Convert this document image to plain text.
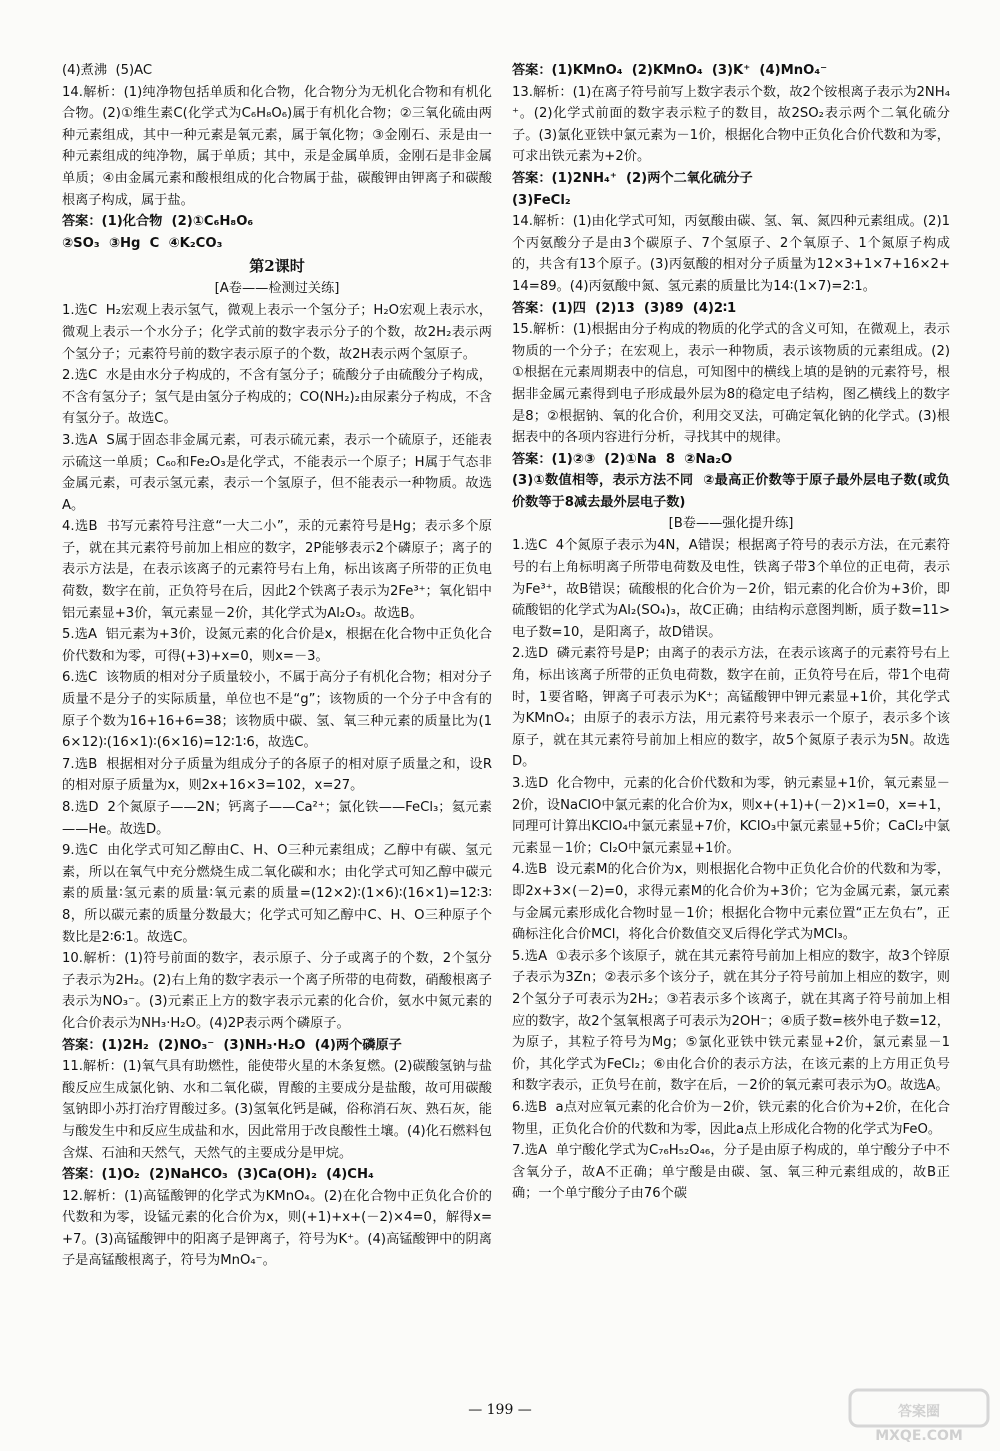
(4)煮沸  (5)AC
14.解析：(1)纯净物包括单质和化合物，化合物分为无机化合物和有机化合物。(2)①维生素C(化学式为C₆H₈O₆)属于有机化合物；②三氧化硫由两种元素组成，其中一种元素是氧元素，属于氧化物；③金刚石、汞是由一种元素组成的纯净物，属于单质；其中，汞是金属单质，金刚石是非金属单质；④由金属元素和酸根组成的化合物属于盐，碳酸钾由钾离子和碳酸根离子构成，属于盐。
答案：(1)化合物  (2)①C₆H₈O₆
②SO₃  ③Hg  C  ④K₂CO₃
第2课时
[A卷——检测过关练]
1.选C  H₂宏观上表示氢气，微观上表示一个氢分子；H₂O宏观上表示水，微观上表示一个水分子；化学式前的数字表示分子的个数，故2H₂表示两个氢分子；元素符号前的数字表示原子的个数，故2H表示两个氢原子。
2.选C  水是由水分子构成的，不含有氢分子；硫酸分子由硫酸分子构成，不含有氢分子；氢气是由氢分子构成的；CO(NH₂)₂由尿素分子构成，不含有氢分子。故选C。
3.选A  S属于固态非金属元素，可表示硫元素，表示一个硫原子，还能表示硫这一单质；C₆₀和Fe₂O₃是化学式，不能表示一个原子；H属于气态非金属元素，可表示氢元素，表示一个氢原子，但不能表示一种物质。故选A。
4.选B  书写元素符号注意“一大二小”，汞的元素符号是Hg；表示多个原子，就在其元素符号前加上相应的数字，2P能够表示2个磷原子；离子的表示方法是，在表示该离子的元素符号右上角，标出该离子所带的正负电荷数，数字在前，正负符号在后，因此2个铁离子表示为2Fe³⁺；氧化铝中铝元素显+3价，氧元素显－2价，其化学式为Al₂O₃。故选B。
5.选A  铝元素为+3价，设氮元素的化合价是x，根据在化合物中正负化合价代数和为零，可得(+3)+x=0，则x=－3。
6.选C  该物质的相对分子质量较小，不属于高分子有机化合物；相对分子质量不是分子的实际质量，单位也不是“g”；该物质的一个分子中含有的原子个数为16+16+6=38；该物质中碳、氢、氧三种元素的质量比为(16×12)∶(16×1)∶(6×16)=12∶1∶6，故选C。
7.选B  根据相对分子质量为组成分子的各原子的相对原子质量之和，设R的相对原子质量为x，则2x+16×3=102，x=27。
8.选D  2个氮原子——2N；钙离子——Ca²⁺；氯化铁——FeCl₃；氦元素——He。故选D。
9.选C  由化学式可知乙醇由C、H、O三种元素组成；乙醇中有碳、氢元素，所以在氧气中充分燃烧生成二氧化碳和水；由化学式可知乙醇中碳元素的质量∶氢元素的质量∶氧元素的质量=(12×2)∶(1×6)∶(16×1)=12∶3∶8，所以碳元素的质量分数最大；化学式可知乙醇中C、H、O三种原子个数比是2∶6∶1。故选C。
10.解析：(1)符号前面的数字，表示原子、分子或离子的个数，2个氢分子表示为2H₂。(2)右上角的数字表示一个离子所带的电荷数，硝酸根离子表示为NO₃⁻。(3)元素正上方的数字表示元素的化合价，氨水中氮元素的化合价表示为NH₃·H₂O。(4)2P表示两个磷原子。
答案：(1)2H₂  (2)NO₃⁻  (3)NH₃·H₂O  (4)两个磷原子
11.解析：(1)氧气具有助燃性，能使带火星的木条复燃。(2)碳酸氢钠与盐酸反应生成氯化钠、水和二氧化碳，胃酸的主要成分是盐酸，故可用碳酸氢钠即小苏打治疗胃酸过多。(3)氢氧化钙是碱，俗称消石灰、熟石灰，能与酸发生中和反应生成盐和水，因此常用于改良酸性土壤。(4)化石燃料包含煤、石油和天然气，天然气的主要成分是甲烷。
答案：(1)O₂  (2)NaHCO₃  (3)Ca(OH)₂  (4)CH₄
12.解析：(1)高锰酸钾的化学式为KMnO₄。(2)在化合物中正负化合价的代数和为零，设锰元素的化合价为x，则(+1)+x+(－2)×4=0，解得x=+7。(3)高锰酸钾中的阳离子是钾离子，符号为K⁺。(4)高锰酸钾中的阴离子是高锰酸根离子，符号为MnO₄⁻。
答案：(1)KMnO₄  (2)KMnO₄  (3)K⁺  (4)MnO₄⁻
13.解析：(1)在离子符号前写上数字表示个数，故2个铵根离子表示为2NH₄⁺。(2)化学式前面的数字表示粒子的数目，故2SO₂表示两个二氧化硫分子。(3)氯化亚铁中氯元素为－1价，根据化合物中正负化合价代数和为零，可求出铁元素为+2价。
答案：(1)2NH₄⁺  (2)两个二氧化硫分子
(3)FeCl₂
14.解析：(1)由化学式可知，丙氨酸由碳、氢、氧、氮四种元素组成。(2)1个丙氨酸分子是由3个碳原子、7个氢原子、2个氧原子、1个氮原子构成的，共含有13个原子。(3)丙氨酸的相对分子质量为12×3+1×7+16×2+14=89。(4)丙氨酸中氮、氢元素的质量比为14∶(1×7)=2∶1。
答案：(1)四  (2)13  (3)89  (4)2∶1
15.解析：(1)根据由分子构成的物质的化学式的含义可知，在微观上，表示物质的一个分子；在宏观上，表示一种物质，表示该物质的元素组成。(2)①根据在元素周期表中的信息，可知图中的横线上填的是钠的元素符号，根据非金属元素得到电子形成最外层为8的稳定电子结构，图乙横线上的数字是8；②根据钠、氧的化合价，利用交叉法，可确定氧化钠的化学式。(3)根据表中的各项内容进行分析，寻找其中的规律。
答案：(1)②③  (2)①Na  8  ②Na₂O
(3)①数值相等，表示方法不同  ②最高正价数等于原子最外层电子数(或负价数等于8减去最外层电子数)
[B卷——强化提升练]
1.选C  4个氮原子表示为4N，A错误；根据离子符号的表示方法，在元素符号的右上角标明离子所带电荷数及电性，铁离子带3个单位的正电荷，表示为Fe³⁺，故B错误；硫酸根的化合价为－2价，铝元素的化合价为+3价，即硫酸铝的化学式为Al₂(SO₄)₃，故C正确；由结构示意图判断，质子数=11>电子数=10，是阳离子，故D错误。
2.选D  磷元素符号是P；由离子的表示方法，在表示该离子的元素符号右上角，标出该离子所带的正负电荷数，数字在前，正负符号在后，带1个电荷时，1要省略，钾离子可表示为K⁺；高锰酸钾中钾元素显+1价，其化学式为KMnO₄；由原子的表示方法，用元素符号来表示一个原子，表示多个该原子，就在其元素符号前加上相应的数字，故5个氮原子表示为5N。故选D。
3.选D  化合物中，元素的化合价代数和为零，钠元素显+1价，氧元素显－2价，设NaClO中氯元素的化合价为x，则x+(+1)+(－2)×1=0，x=+1，同理可计算出KClO₄中氯元素显+7价，KClO₃中氯元素显+5价；CaCl₂中氯元素显－1价；Cl₂O中氯元素显+1价。
4.选B  设元素M的化合价为x，则根据化合物中正负化合价的代数和为零，即2x+3×(－2)=0，求得元素M的化合价为+3价；它为金属元素，氯元素与金属元素形成化合物时显－1价；根据化合物中元素位置“正左负右”，正确标注化合价MCl，将化合价数值交叉后得化学式为MCl₃。
5.选A  ①表示多个该原子，就在其元素符号前加上相应的数字，故3个锌原子表示为3Zn；②表示多个该分子，就在其分子符号前加上相应的数字，则2个氢分子可表示为2H₂；③若表示多个该离子，就在其离子符号前加上相应的数字，故2个氢氧根离子可表示为2OH⁻；④质子数=核外电子数=12，为原子，其粒子符号为Mg；⑤氯化亚铁中铁元素显+2价，氯元素显－1价，其化学式为FeCl₂；⑥由化合价的表示方法，在该元素的上方用正负号和数字表示，正负号在前，数字在后，－2价的氧元素可表示为O。故选A。
6.选B  a点对应氧元素的化合价为－2价，铁元素的化合价为+2价，在化合物里，正负化合价的代数和为零，因此a点上形成化合物的化学式为FeO。
7.选A  单宁酸化学式为C₇₆H₅₂O₄₆，分子是由原子构成的，单宁酸分子中不含氧分子，故A不正确；单宁酸是由碳、氢、氧三种元素组成的，故B正确；一个单宁酸分子由76个碳
— 199 —	答案圈
MXQE.COM
